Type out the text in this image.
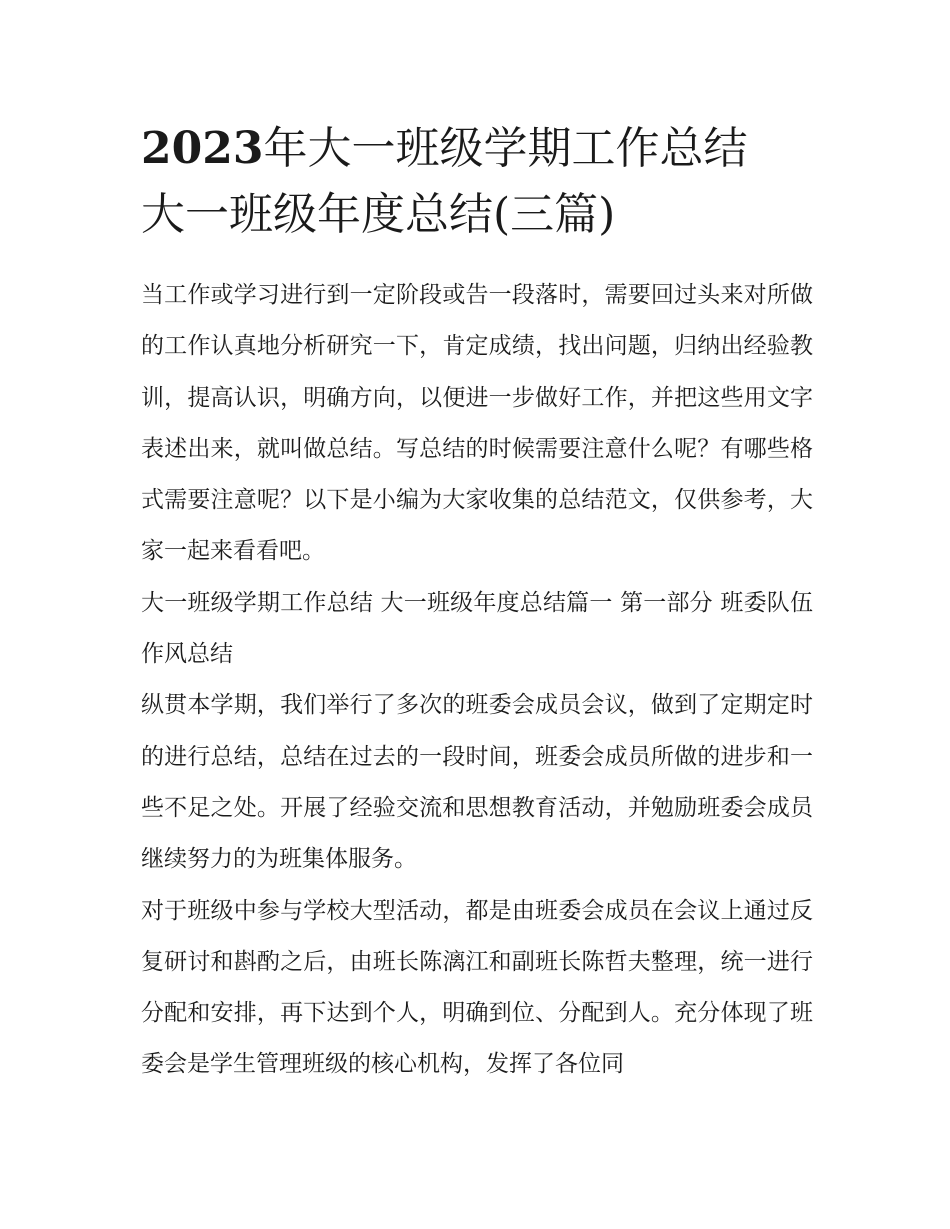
2023年大一班级学期工作总结
大一班级年度总结(三篇)

当工作或学习进行到一定阶段或告一段落时，需要回过头来对所做的工作认真地分析研究一下，肯定成绩，找出问题，归纳出经验教训，提高认识，明确方向，以便进一步做好工作，并把这些用文字表述出来，就叫做总结。写总结的时候需要注意什么呢？有哪些格式需要注意呢？以下是小编为大家收集的总结范文，仅供参考，大家一起来看看吧。

大一班级学期工作总结 大一班级年度总结篇一 第一部分 班委队伍作风总结

纵贯本学期，我们举行了多次的班委会成员会议，做到了定期定时的进行总结，总结在过去的一段时间，班委会成员所做的进步和一些不足之处。开展了经验交流和思想教育活动，并勉励班委会成员继续努力的为班集体服务。

对于班级中参与学校大型活动，都是由班委会成员在会议上通过反复研讨和斟酌之后，由班长陈漓江和副班长陈哲夫整理，统一进行分配和安排，再下达到个人，明确到位、分配到人。充分体现了班委会是学生管理班级的核心机构，发挥了各位同
